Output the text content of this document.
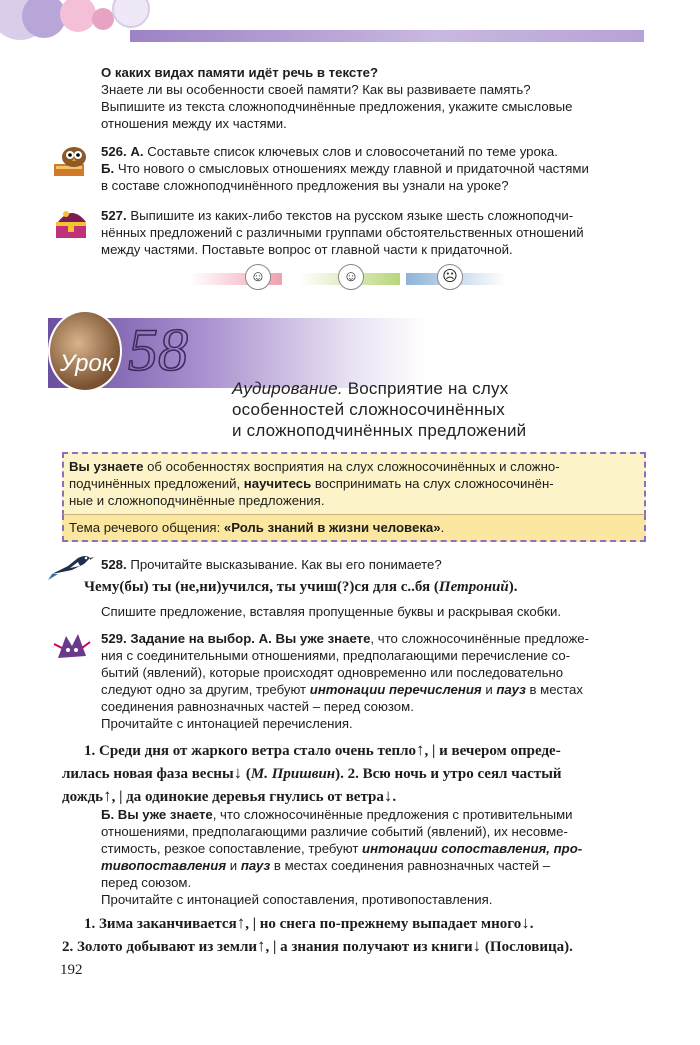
О каких видах памяти идёт речь в тексте?
Знаете ли вы особенности своей памяти? Как вы развиваете память?
Выпишите из текста сложноподчинённые предложения, укажите смысловые
отношения между их частями.
526. А. Составьте список ключевых слов и словосочетаний по теме урока.
Б. Что нового о смысловых отношениях между главной и придаточной частями
в составе сложноподчинённого предложения вы узнали на уроке?
527. Выпишите из каких-либо текстов на русском языке шесть сложноподчи-
нённых предложений с различными группами обстоятельственных отношений
между частями. Поставьте вопрос от главной части к придаточной.
☺	☺	☹
Урок 58
Аудирование. Восприятие на слух
особенностей сложносочинённых
и сложноподчинённых предложений
Вы узнаете об особенностях восприятия на слух сложносочинённых и сложно-
подчинённых предложений, научитесь воспринимать на слух сложносочинён-
ные и сложноподчинённые предложения.
Тема речевого общения: «Роль знаний в жизни человека».
528. Прочитайте высказывание. Как вы его понимаете?
Чему(бы) ты (не,ни)учился, ты учиш(?)ся для с..бя (Петроний).
Спишите предложение, вставляя пропущенные буквы и раскрывая скобки.
529. Задание на выбор. А. Вы уже знаете, что сложносочинённые предложе-
ния с соединительными отношениями, предполагающими перечисление со-
бытий (явлений), которые происходят одновременно или последовательно
следуют одно за другим, требуют интонации перечисления и пауз в местах
соединения равнозначных частей – перед союзом.
Прочитайте с интонацией перечисления.
1. Среди дня от жаркого ветра стало очень тепло↑, | и вечером опреде-
лилась новая фаза весны↓ (М. Пришвин). 2. Всю ночь и утро сеял частый
дождь↑, | да одинокие деревья гнулись от ветра↓.
Б. Вы уже знаете, что сложносочинённые предложения с противительными
отношениями, предполагающими различие событий (явлений), их несовме-
стимость, резкое сопоставление, требуют интонации сопоставления, про-
тивопоставления и пауз в местах соединения равнозначных частей –
перед союзом.
Прочитайте с интонацией сопоставления, противопоставления.
1. Зима заканчивается↑, | но снега по-прежнему выпадает много↓.
2. Золото добывают из земли↑, | а знания получают из книги↓ (Пословица).
192
